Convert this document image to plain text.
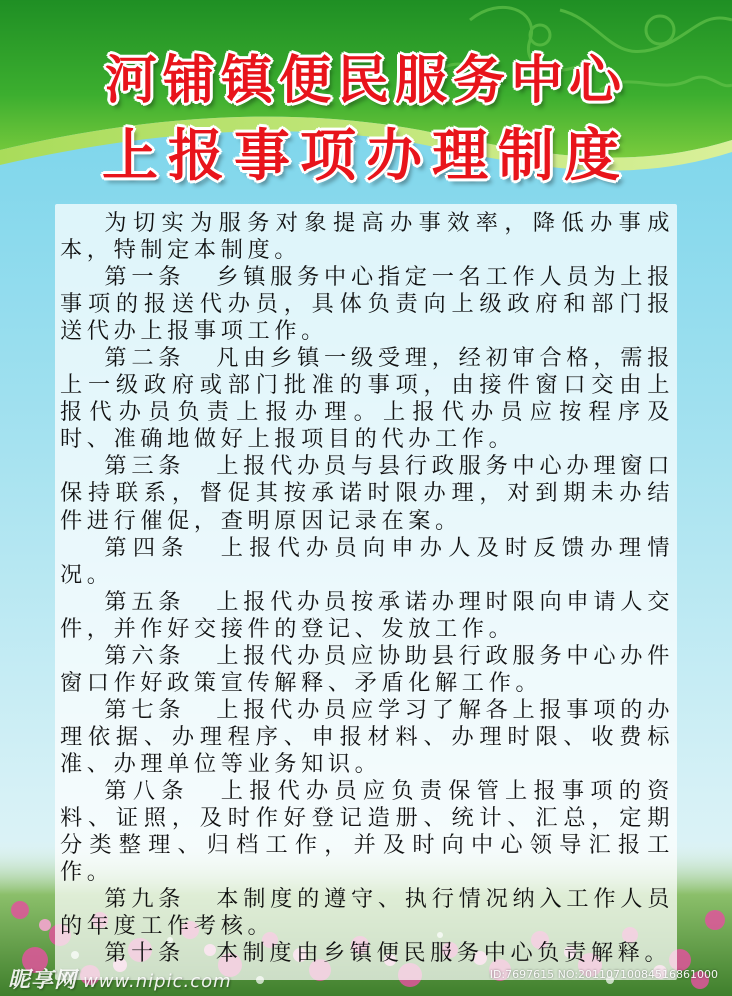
河铺镇便民服务中心
上报事项办理制度

为切实为服务对象提高办事效率，降低办事成本，特制定本制度。

第一条 乡镇服务中心指定一名工作人员为上报事项的报送代办员，具体负责向上级政府和部门报送代办上报事项工作。

第二条 凡由乡镇一级受理，经初审合格，需报上一级政府或部门批准的事项，由接件窗口交由上报代办员负责上报办理。上报代办员应按程序及时、准确地做好上报项目的代办工作。

第三条 上报代办员与县行政服务中心办理窗口保持联系，督促其按承诺时限办理，对到期未办结件进行催促，查明原因记录在案。

第四条 上报代办员向申办人及时反馈办理情况。

第五条 上报代办员按承诺办理时限向申请人交件，并作好交接件的登记、发放工作。

第六条 上报代办员应协助县行政服务中心办件窗口作好政策宣传解释、矛盾化解工作。

第七条 上报代办员应学习了解各上报事项的办理依据、办理程序、申报材料、办理时限、收费标准、办理单位等业务知识。

第八条 上报代办员应负责保管上报事项的资料、证照，及时作好登记造册、统计、汇总，定期分类整理、归档工作，并及时向中心领导汇报工作。

第九条 本制度的遵守、执行情况纳入工作人员的年度工作考核。

第十条 本制度由乡镇便民服务中心负责解释。

昵享网 www.nipic.com	ID:7697615 NO:20110710084516861000
